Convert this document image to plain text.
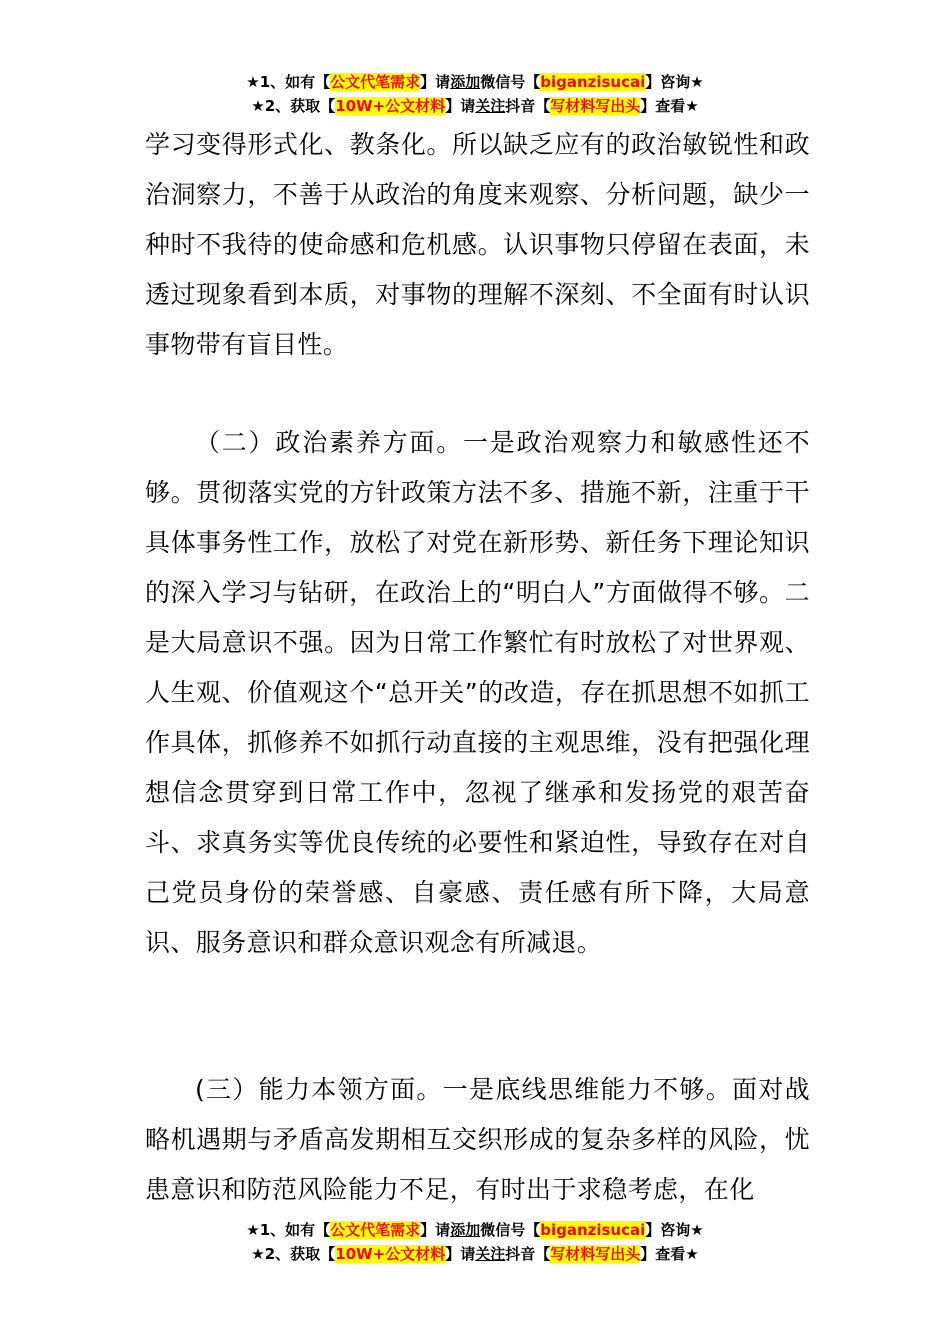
★1、如有【公文代笔需求】请添加微信号【biganzisucai】咨询★
★2、获取【10W+公文材料】请关注抖音【写材料写出头】查看★

学习变得形式化、教条化。所以缺乏应有的政治敏锐性和政治洞察力，不善于从政治的角度来观察、分析问题，缺少一种时不我待的使命感和危机感。认识事物只停留在表面，未透过现象看到本质，对事物的理解不深刻、不全面有时认识事物带有盲目性。

（二）政治素养方面。一是政治观察力和敏感性还不够。贯彻落实党的方针政策方法不多、措施不新，注重于干具体事务性工作，放松了对党在新形势、新任务下理论知识的深入学习与钻研，在政治上的“明白人”方面做得不够。二是大局意识不强。因为日常工作繁忙有时放松了对世界观、人生观、价值观这个“总开关”的改造，存在抓思想不如抓工作具体，抓修养不如抓行动直接的主观思维，没有把强化理想信念贯穿到日常工作中，忽视了继承和发扬党的艰苦奋斗、求真务实等优良传统的必要性和紧迫性，导致存在对自己党员身份的荣誉感、自豪感、责任感有所下降，大局意识、服务意识和群众意识观念有所减退。

(三）能力本领方面。一是底线思维能力不够。面对战略机遇期与矛盾高发期相互交织形成的复杂多样的风险，忧患意识和防范风险能力不足，有时出于求稳考虑，在化

★1、如有【公文代笔需求】请添加微信号【biganzisucai】咨询★
★2、获取【10W+公文材料】请关注抖音【写材料写出头】查看★
